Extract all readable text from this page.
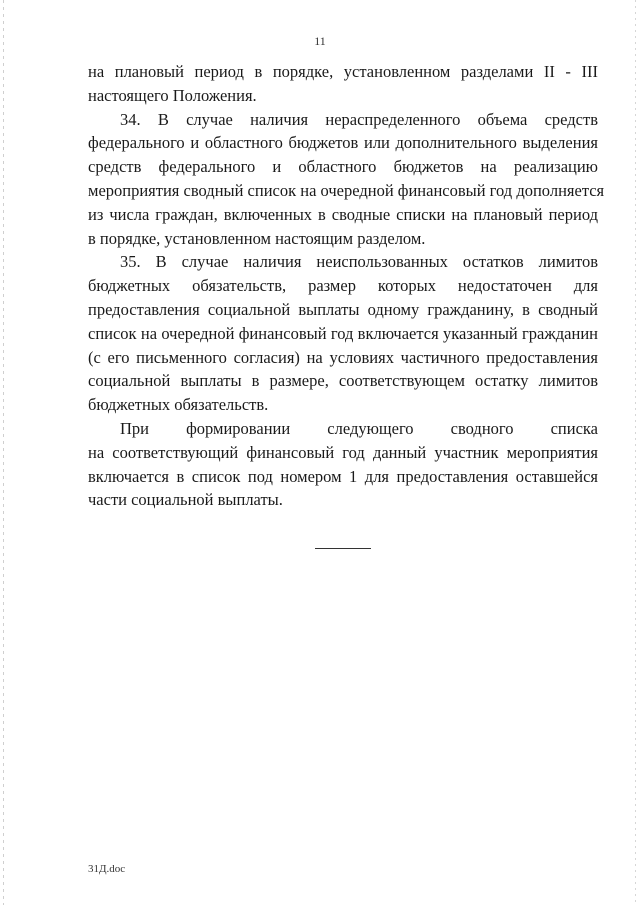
11
на плановый период в порядке, установленном разделами II - III
настоящего Положения.
34. В случае наличия нераспределенного объема средств
федерального и областного бюджетов или дополнительного выделения
средств федерального и областного бюджетов на реализацию
мероприятия сводный список на очередной финансовый год дополняется
из числа граждан, включенных в сводные списки на плановый период
в порядке, установленном настоящим разделом.
35. В случае наличия неиспользованных остатков лимитов
бюджетных обязательств, размер которых недостаточен для
предоставления социальной выплаты одному гражданину, в сводный
список на очередной финансовый год включается указанный гражданин
(с его письменного согласия) на условиях частичного предоставления
социальной выплаты в размере, соответствующем остатку лимитов
бюджетных обязательств.
При формировании следующего сводного списка
на соответствующий финансовый год данный участник мероприятия
включается в список под номером 1 для предоставления оставшейся
части социальной выплаты.
31Д.doc
